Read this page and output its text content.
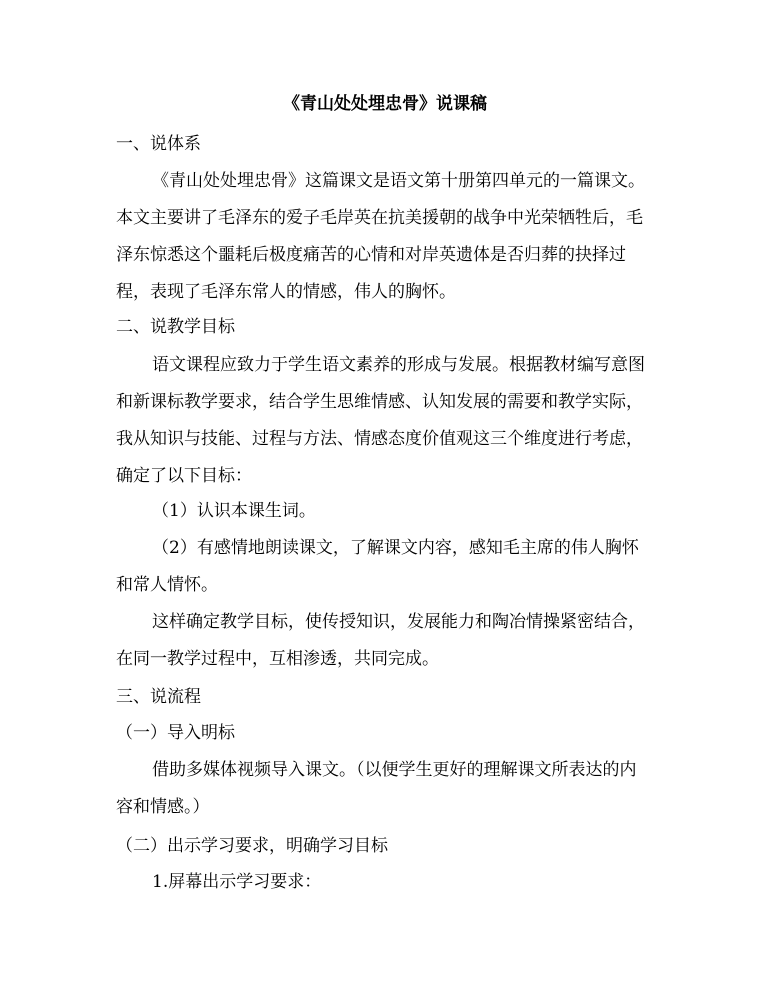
《青山处处埋忠骨》说课稿

一、说体系

《青山处处埋忠骨》这篇课文是语文第十册第四单元的一篇课文。本文主要讲了毛泽东的爱子毛岸英在抗美援朝的战争中光荣牺牲后，毛泽东惊悉这个噩耗后极度痛苦的心情和对岸英遗体是否归葬的抉择过程，表现了毛泽东常人的情感，伟人的胸怀。

二、说教学目标

语文课程应致力于学生语文素养的形成与发展。根据教材编写意图和新课标教学要求，结合学生思维情感、认知发展的需要和教学实际，我从知识与技能、过程与方法、情感态度价值观这三个维度进行考虑，确定了以下目标：

（1）认识本课生词。

（2）有感情地朗读课文，了解课文内容，感知毛主席的伟人胸怀和常人情怀。

这样确定教学目标，使传授知识，发展能力和陶冶情操紧密结合，在同一教学过程中，互相渗透，共同完成。

三、说流程

（一）导入明标

借助多媒体视频导入课文。（以便学生更好的理解课文所表达的内容和情感。）

（二）出示学习要求，明确学习目标

1.屏幕出示学习要求：
